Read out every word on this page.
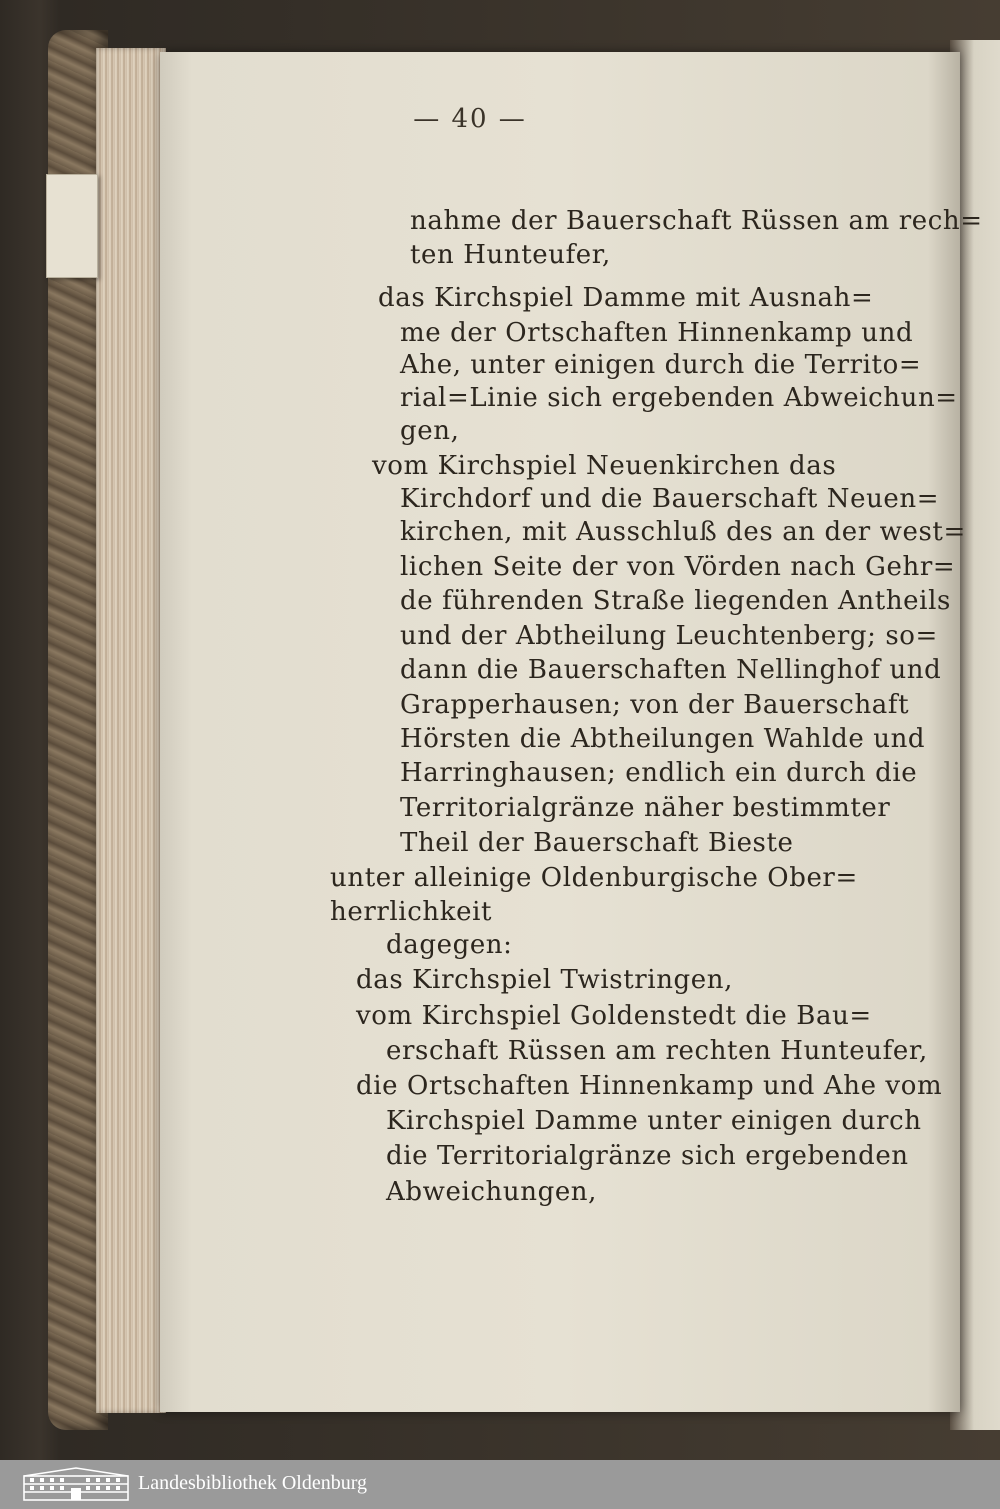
— 40 —
nahme der Bauerschaft Rüssen am rech=
ten Hunteufer,
das Kirchspiel Damme mit Ausnah=
me der Ortschaften Hinnenkamp und
Ahe, unter einigen durch die Territo=
rial=Linie sich ergebenden Abweichun=
gen,
vom Kirchspiel Neuenkirchen das
Kirchdorf und die Bauerschaft Neuen=
kirchen, mit Ausschluß des an der west=
lichen Seite der von Vörden nach Gehr=
de führenden Straße liegenden Antheils
und der Abtheilung Leuchtenberg; so=
dann die Bauerschaften Nellinghof und
Grapperhausen; von der Bauerschaft
Hörsten die Abtheilungen Wahlde und
Harringhausen; endlich ein durch die
Territorialgränze näher bestimmter
Theil der Bauerschaft Bieste
unter alleinige Oldenburgische Ober=
herrlichkeit
dagegen:
das Kirchspiel Twistringen,
vom Kirchspiel Goldenstedt die Bau=
erschaft Rüssen am rechten Hunteufer,
die Ortschaften Hinnenkamp und Ahe vom
Kirchspiel Damme unter einigen durch
die Territorialgränze sich ergebenden
Abweichungen,
Landesbibliothek Oldenburg
